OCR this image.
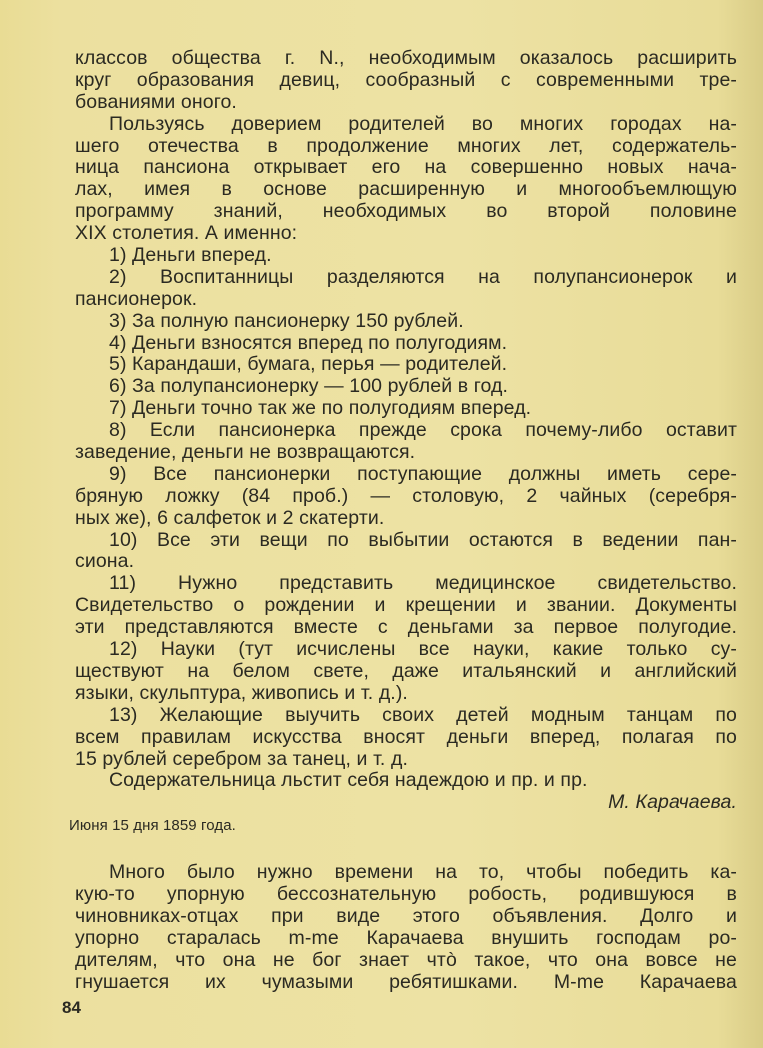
классов общества г. N., необходимым оказалось расширить
круг образования девиц, сообразный с современными тре-
бованиями оного.
Пользуясь доверием родителей во многих городах на-
шего отечества в продолжение многих лет, содержатель-
ница пансиона открывает его на совершенно новых нача-
лах, имея в основе расширенную и многообъемлющую
программу знаний, необходимых во второй половине
XIX столетия. А именно:
1) Деньги вперед.
2) Воспитанницы разделяются на полупансионерок и
пансионерок.
3) За полную пансионерку 150 рублей.
4) Деньги взносятся вперед по полугодиям.
5) Карандаши, бумага, перья — родителей.
6) За полупансионерку — 100 рублей в год.
7) Деньги точно так же по полугодиям вперед.
8) Если пансионерка прежде срока почему-либо оставит
заведение, деньги не возвращаются.
9) Все пансионерки поступающие должны иметь сере-
бряную ложку (84 проб.) — столовую, 2 чайных (серебря-
ных же), 6 салфеток и 2 скатерти.
10) Все эти вещи по выбытии остаются в ведении пан-
сиона.
11) Нужно представить медицинское свидетельство.
Свидетельство о рождении и крещении и звании. Документы
эти представляются вместе с деньгами за первое полугодие.
12) Науки (тут исчислены все науки, какие только су-
ществуют на белом свете, даже итальянский и английский
языки, скульптура, живопись и т. д.).
13) Желающие выучить своих детей модным танцам по
всем правилам искусства вносят деньги вперед, полагая по
15 рублей серебром за танец, и т. д.
Содержательница льстит себя надеждою и пр. и пр.
М. Карачаева.
Июня 15 дня 1859 года.
Много было нужно времени на то, чтобы победить ка-
кую-то упорную бессознательную робость, родившуюся в
чиновниках-отцах при виде этого объявления. Долго и
упорно старалась m-me Карачаева внушить господам ро-
дителям, что она не бог знает чтò такое, что она вовсе не
гнушается их чумазыми ребятишками. M-me Карачаева
84
